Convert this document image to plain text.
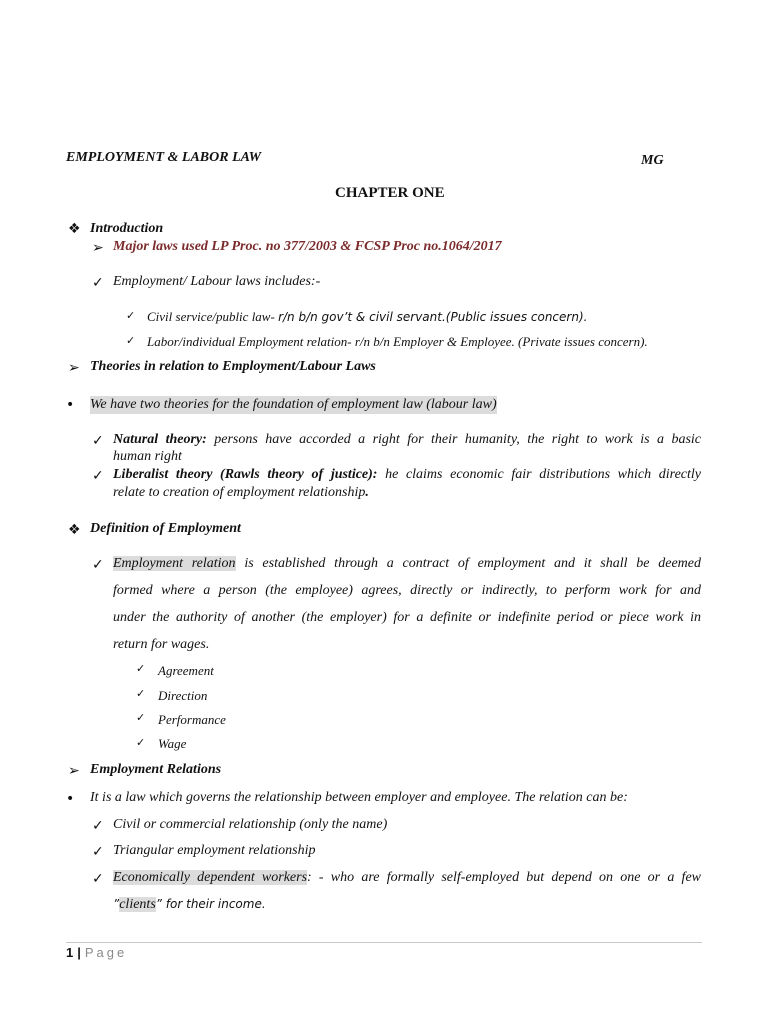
EMPLOYMENT & LABOR LAW	MG
CHAPTER ONE
❖ Introduction
➢ Major laws used LP Proc. no 377/2003 & FCSP Proc no.1064/2017
✓ Employment/ Labour laws includes:-
✓ Civil service/public law- r/n b/n gov’t & civil servant.(Public issues concern).
✓ Labor/individual Employment relation- r/n b/n Employer & Employee. (Private issues concern).
➢ Theories in relation to Employment/Labour Laws
• We have two theories for the foundation of employment law (labour law)
✓ Natural theory: persons have accorded a right for their humanity, the right to work is a basic
human right
✓ Liberalist theory (Rawls theory of justice): he claims economic fair distributions which directly
relate to creation of employment relationship.
❖ Definition of Employment
✓ Employment relation is established through a contract of employment and it shall be deemed
formed where a person (the employee) agrees, directly or indirectly, to perform work for and
under the authority of another (the employer) for a definite or indefinite period or piece work in
return for wages.
✓ Agreement
✓ Direction
✓ Performance
✓ Wage
➢ Employment Relations
• It is a law which governs the relationship between employer and employee. The relation can be:
✓ Civil or commercial relationship (only the name)
✓ Triangular employment relationship
✓ Economically dependent workers: - who are formally self-employed but depend on one or a few
”clients” for their income.
1 | Page
